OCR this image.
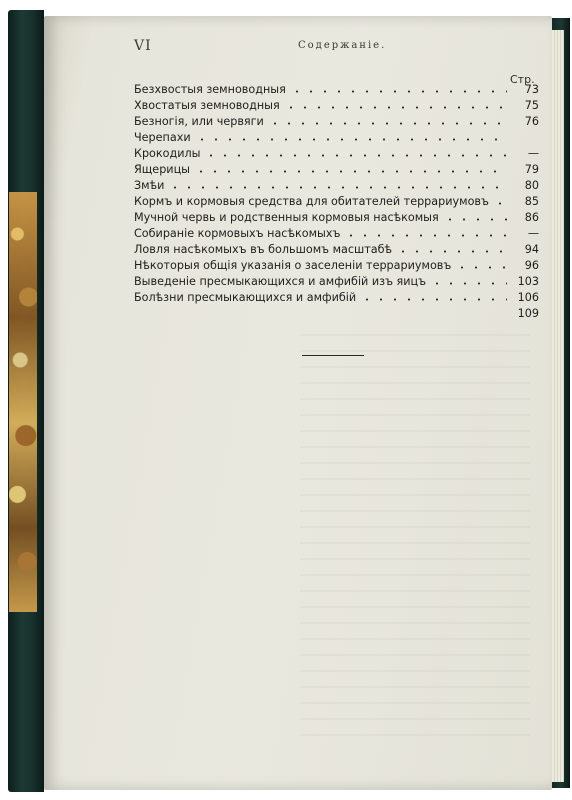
VI	Содержаніе.
Стр.
Безхвостыя земноводныя	73
Хвостатыя земноводныя	75
Безногія, или червяги	76
Черепахи
Крокодилы	—
Ящерицы	79
Змѣи	80
Кормъ и кормовыя средства для обитателей террариумовъ	85
Мучной червь и родственныя кормовыя насѣкомыя	86
Собираніе кормовыхъ насѣкомыхъ	—
Ловля насѣкомыхъ въ большомъ масштабѣ	94
Нѣкоторыя общія указанія о заселеніи террариумовъ	96
Выведеніе пресмыкающихся и амфибій изъ яицъ	103
Болѣзни пресмыкающихся и амфибій	106
109
